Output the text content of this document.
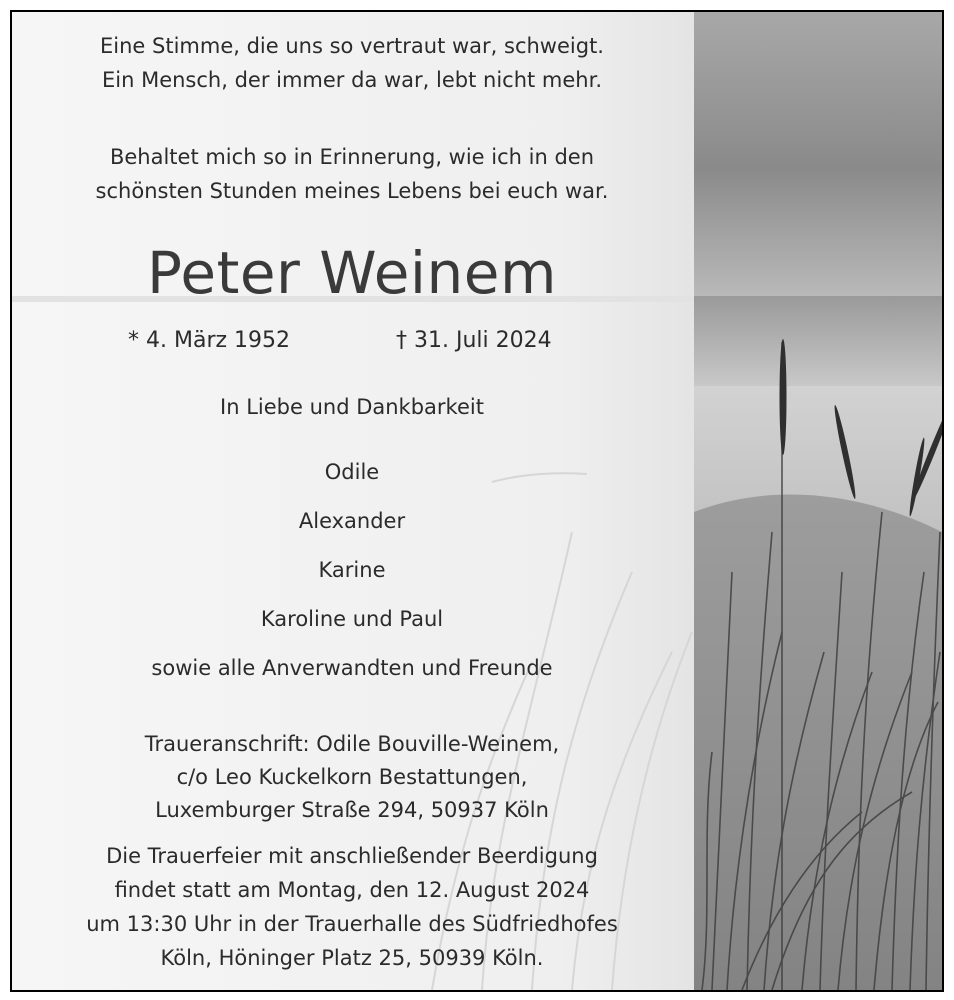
Eine Stimme, die uns so vertraut war, schweigt.
Ein Mensch, der immer da war, lebt nicht mehr.
Behaltet mich so in Erinnerung, wie ich in den
schönsten Stunden meines Lebens bei euch war.
Peter Weinem
* 4. März 1952	† 31. Juli 2024
In Liebe und Dankbarkeit
Odile
Alexander
Karine
Karoline und Paul
sowie alle Anverwandten und Freunde
Traueranschrift: Odile Bouville-Weinem,
c/o Leo Kuckelkorn Bestattungen,
Luxemburger Straße 294, 50937 Köln
Die Trauerfeier mit anschließender Beerdigung
findet statt am Montag, den 12. August 2024
um 13:30 Uhr in der Trauerhalle des Südfriedhofes
Köln, Höninger Platz 25, 50939 Köln.
